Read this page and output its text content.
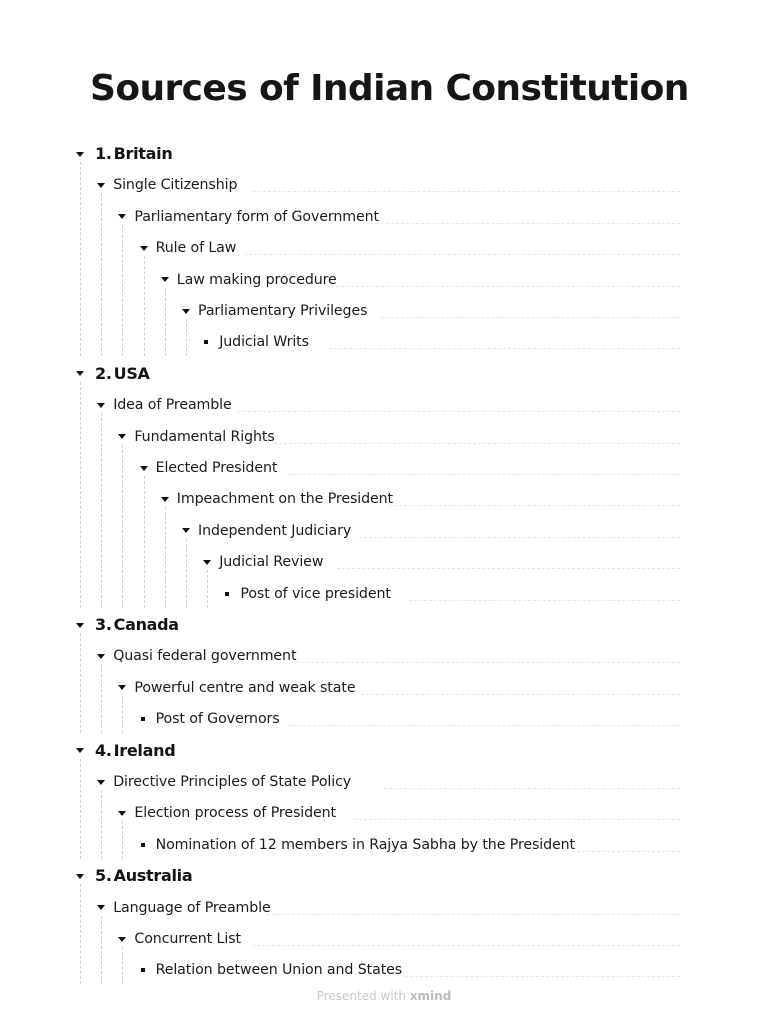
Sources of Indian Constitution
1. Britain
Single Citizenship
Parliamentary form of Government
Rule of Law
Law making procedure
Parliamentary Privileges
Judicial Writs
2. USA
Idea of Preamble
Fundamental Rights
Elected President
Impeachment on the President
Independent Judiciary
Judicial Review
Post of vice president
3. Canada
Quasi federal government
Powerful centre and weak state
Post of Governors
4. Ireland
Directive Principles of State Policy
Election process of President
Nomination of 12 members in Rajya Sabha by the President
5. Australia
Language of Preamble
Concurrent List
Relation between Union and States
Presented with xmind
